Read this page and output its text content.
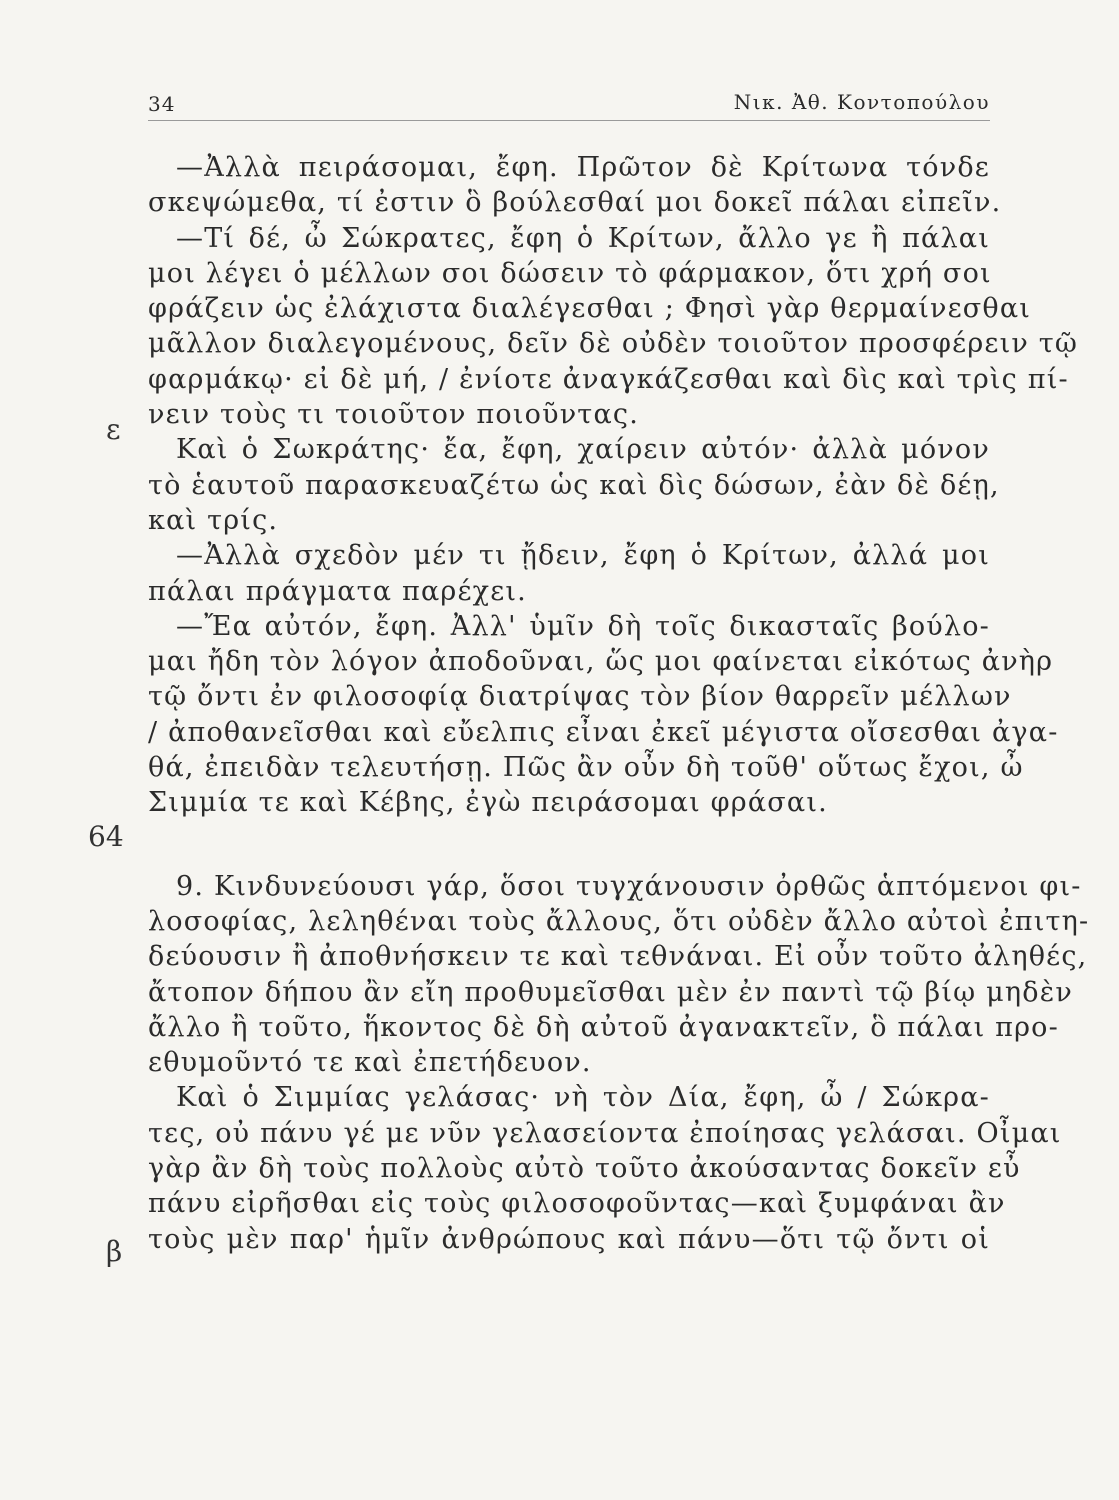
34	Νικ. Ἀθ. Κοντοπούλου
ε
64
β
—Ἀλλὰ πειράσομαι, ἔφη. Πρῶτον δὲ Κρίτωνα τόνδε
σκεψώμεθα, τί ἐστιν ὃ βούλεσθαί μοι δοκεῖ πάλαι εἰπεῖν.
—Τί δέ, ὦ Σώκρατες, ἔφη ὁ Κρίτων, ἄλλο γε ἢ πάλαι
μοι λέγει ὁ μέλλων σοι δώσειν τὸ φάρμακον, ὅτι χρή σοι
φράζειν ὡς ἐλάχιστα διαλέγεσθαι ; Φησὶ γὰρ θερμαίνεσθαι
μᾶλλον διαλεγομένους, δεῖν δὲ οὐδὲν τοιοῦτον προσφέρειν τῷ
φαρμάκῳ· εἰ δὲ μή, / ἐνίοτε ἀναγκάζεσθαι καὶ δὶς καὶ τρὶς πί-
νειν τοὺς τι τοιοῦτον ποιοῦντας.
Καὶ ὁ Σωκράτης· ἔα, ἔφη, χαίρειν αὐτόν· ἀλλὰ μόνον
τὸ ἑαυτοῦ παρασκευαζέτω ὡς καὶ δὶς δώσων, ἐὰν δὲ δέῃ,
καὶ τρίς.
—Ἀλλὰ σχεδὸν μέν τι ᾔδειν, ἔφη ὁ Κρίτων, ἀλλά μοι
πάλαι πράγματα παρέχει.
—Ἔα αὐτόν, ἔφη. Ἀλλ' ὑμῖν δὴ τοῖς δικασταῖς βούλο-
μαι ἤδη τὸν λόγον ἀποδοῦναι, ὥς μοι φαίνεται εἰκότως ἀνὴρ
τῷ ὄντι ἐν φιλοσοφίᾳ διατρίψας τὸν βίον θαρρεῖν μέλλων
/ ἀποθανεῖσθαι καὶ εὔελπις εἶναι ἐκεῖ μέγιστα οἴσεσθαι ἀγα-
θά, ἐπειδὰν τελευτήσῃ. Πῶς ἂν οὖν δὴ τοῦθ' οὕτως ἔχοι, ὦ
Σιμμία τε καὶ Κέβης, ἐγὼ πειράσομαι φράσαι.
9. Κινδυνεύουσι γάρ, ὅσοι τυγχάνουσιν ὀρθῶς ἁπτόμενοι φι-
λοσοφίας, λεληθέναι τοὺς ἄλλους, ὅτι οὐδὲν ἄλλο αὐτοὶ ἐπιτη-
δεύουσιν ἢ ἀποθνήσκειν τε καὶ τεθνάναι. Εἰ οὖν τοῦτο ἀληθές,
ἄτοπον δήπου ἂν εἴη προθυμεῖσθαι μὲν ἐν παντὶ τῷ βίῳ μηδὲν
ἄλλο ἢ τοῦτο, ἥκοντος δὲ δὴ αὐτοῦ ἀγανακτεῖν, ὃ πάλαι προ-
εθυμοῦντό τε καὶ ἐπετήδευον.
Καὶ ὁ Σιμμίας γελάσας· νὴ τὸν Δία, ἔφη, ὦ / Σώκρα-
τες, οὐ πάνυ γέ με νῦν γελασείοντα ἐποίησας γελάσαι. Οἶμαι
γὰρ ἂν δὴ τοὺς πολλοὺς αὐτὸ τοῦτο ἀκούσαντας δοκεῖν εὖ
πάνυ εἰρῆσθαι εἰς τοὺς φιλοσοφοῦντας—καὶ ξυμφάναι ἂν
τοὺς μὲν παρ' ἡμῖν ἀνθρώπους καὶ πάνυ—ὅτι τῷ ὄντι οἱ
